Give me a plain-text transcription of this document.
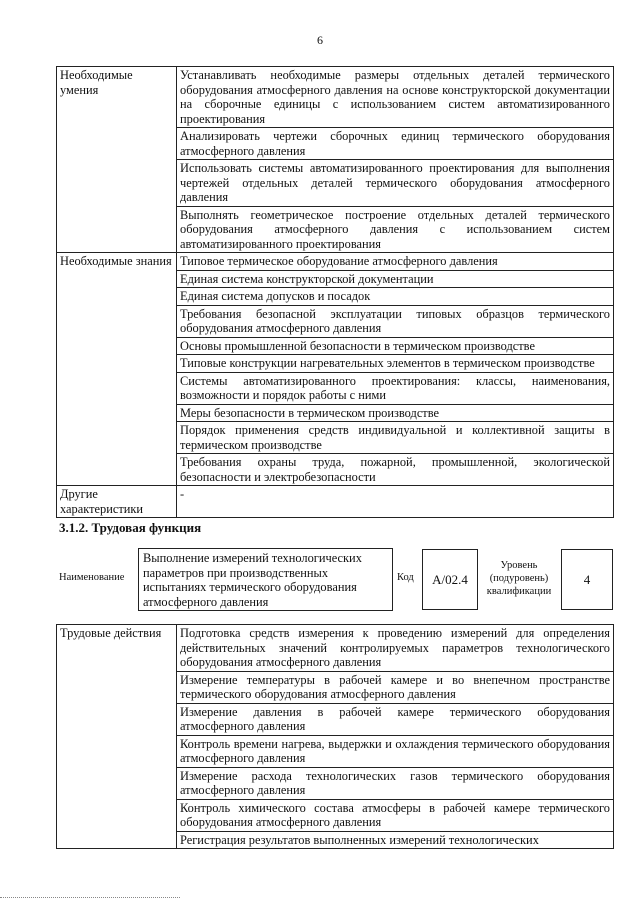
6
Необходимые умения	Устанавливать необходимые размеры отдельных деталей термического оборудования атмосферного давления на основе конструкторской документации на сборочные единицы с использованием систем автоматизированного проектирования
	Анализировать чертежи сборочных единиц термического оборудования атмосферного давления
	Использовать системы автоматизированного проектирования для выполнения чертежей отдельных деталей термического оборудования атмосферного давления
	Выполнять геометрическое построение отдельных деталей термического оборудования атмосферного давления с использованием систем автоматизированного проектирования
Необходимые знания	Типовое термическое оборудование атмосферного давления
	Единая система конструкторской документации
	Единая система допусков и посадок
	Требования безопасной эксплуатации типовых образцов термического оборудования атмосферного давления
	Основы промышленной безопасности в термическом производстве
	Типовые конструкции нагревательных элементов в термическом производстве
	Системы автоматизированного проектирования: классы, наименования, возможности и порядок работы с ними
	Меры безопасности в термическом производстве
	Порядок применения средств индивидуальной и коллективной защиты в термическом производстве
	Требования охраны труда, пожарной, промышленной, экологической безопасности и электробезопасности
Другие характеристики	-
3.1.2. Трудовая функция
Наименование
Выполнение измерений технологических параметров при производственных испытаниях термического оборудования атмосферного давления
Код	А/02.4
Уровень (подуровень) квалификации
4
Трудовые действия	Подготовка средств измерения к проведению измерений для определения действительных значений контролируемых параметров технологического оборудования атмосферного давления
Измерение температуры в рабочей камере и во внепечном пространстве термического оборудования атмосферного давления
Измерение давления в рабочей камере термического оборудования атмосферного давления
Контроль времени нагрева, выдержки и охлаждения термического оборудования атмосферного давления
Измерение расхода технологических газов термического оборудования атмосферного давления
Контроль химического состава атмосферы в рабочей камере термического оборудования атмосферного давления
Регистрация результатов выполненных измерений технологических
